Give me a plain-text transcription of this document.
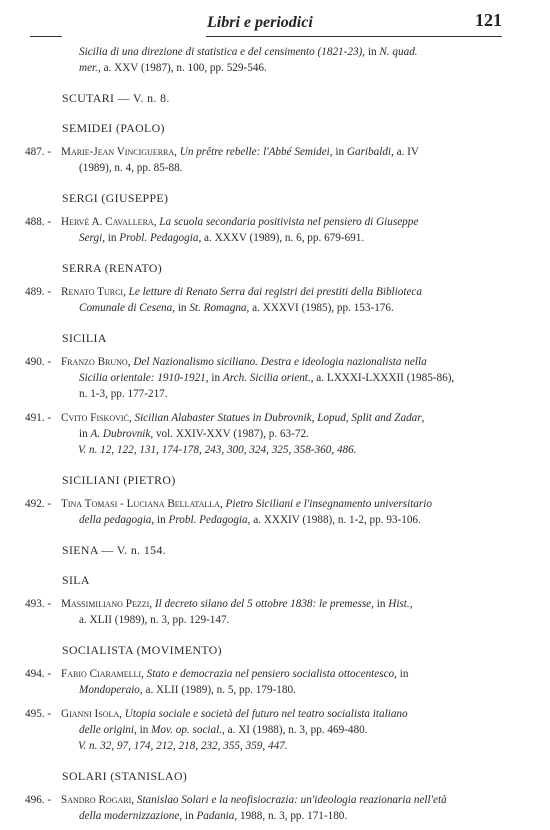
Libri e periodici	121
Sicilia di una direzione di statistica e del censimento (1821-23), in N. quad.
mer., a. XXV (1987), n. 100, pp. 529-546.
SCUTARI — V. n. 8.
SEMIDEI (PAOLO)
487. - Marie-Jean Vinciguerra, Un prêtre rebelle: l'Abbé Semidei, in Garibaldi, a. IV
(1989), n. 4, pp. 85-88.
SERGI (GIUSEPPE)
488. - Hervé A. Cavallera, La scuola secondaria positivista nel pensiero di Giuseppe
Sergi, in Probl. Pedagogia, a. XXXV (1989), n. 6, pp. 679-691.
SERRA (RENATO)
489. - Renato Turci, Le letture di Renato Serra dai registri dei prestiti della Biblioteca
Comunale di Cesena, in St. Romagna, a. XXXVI (1985), pp. 153-176.
SICILIA
490. - Franzo Bruno, Del Nazionalismo siciliano. Destra e ideologia nazionalista nella
Sicilia orientale: 1910-1921, in Arch. Sicilia orient., a. LXXXI-LXXXII (1985-86),
n. 1-3, pp. 177-217.
491. - Cvito Fisković, Sicilian Alabaster Statues in Dubrovnik, Lopud, Split and Zadar,
in A. Dubrovnik, vol. XXIV-XXV (1987), p. 63-72.
V. n. 12, 122, 131, 174-178, 243, 300, 324, 325, 358-360, 486.
SICILIANI (PIETRO)
492. - Tina Tomasi - Luciana Bellatalla, Pietro Siciliani e l'insegnamento universitario
della pedagogia, in Probl. Pedagogia, a. XXXIV (1988), n. 1-2, pp. 93-106.
SIENA — V. n. 154.
SILA
493. - Massimiliano Pezzi, Il decreto silano del 5 ottobre 1838: le premesse, in Hist.,
a. XLII (1989), n. 3, pp. 129-147.
SOCIALISTA (MOVIMENTO)
494. - Fabio Ciaramelli, Stato e democrazia nel pensiero socialista ottocentesco, in
Mondoperaio, a. XLII (1989), n. 5, pp. 179-180.
495. - Gianni Isola, Utopia sociale e società del futuro nel teatro socialista italiano
delle origini, in Mov. op. social., a. XI (1988), n. 3, pp. 469-480.
V. n. 32, 97, 174, 212, 218, 232, 355, 359, 447.
SOLARI (STANISLAO)
496. - Sandro Rogari, Stanislao Solari e la neofisiocrazia: un'ideologia reazionaria nell'età
della modernizzazione, in Padania, 1988, n. 3, pp. 171-180.
